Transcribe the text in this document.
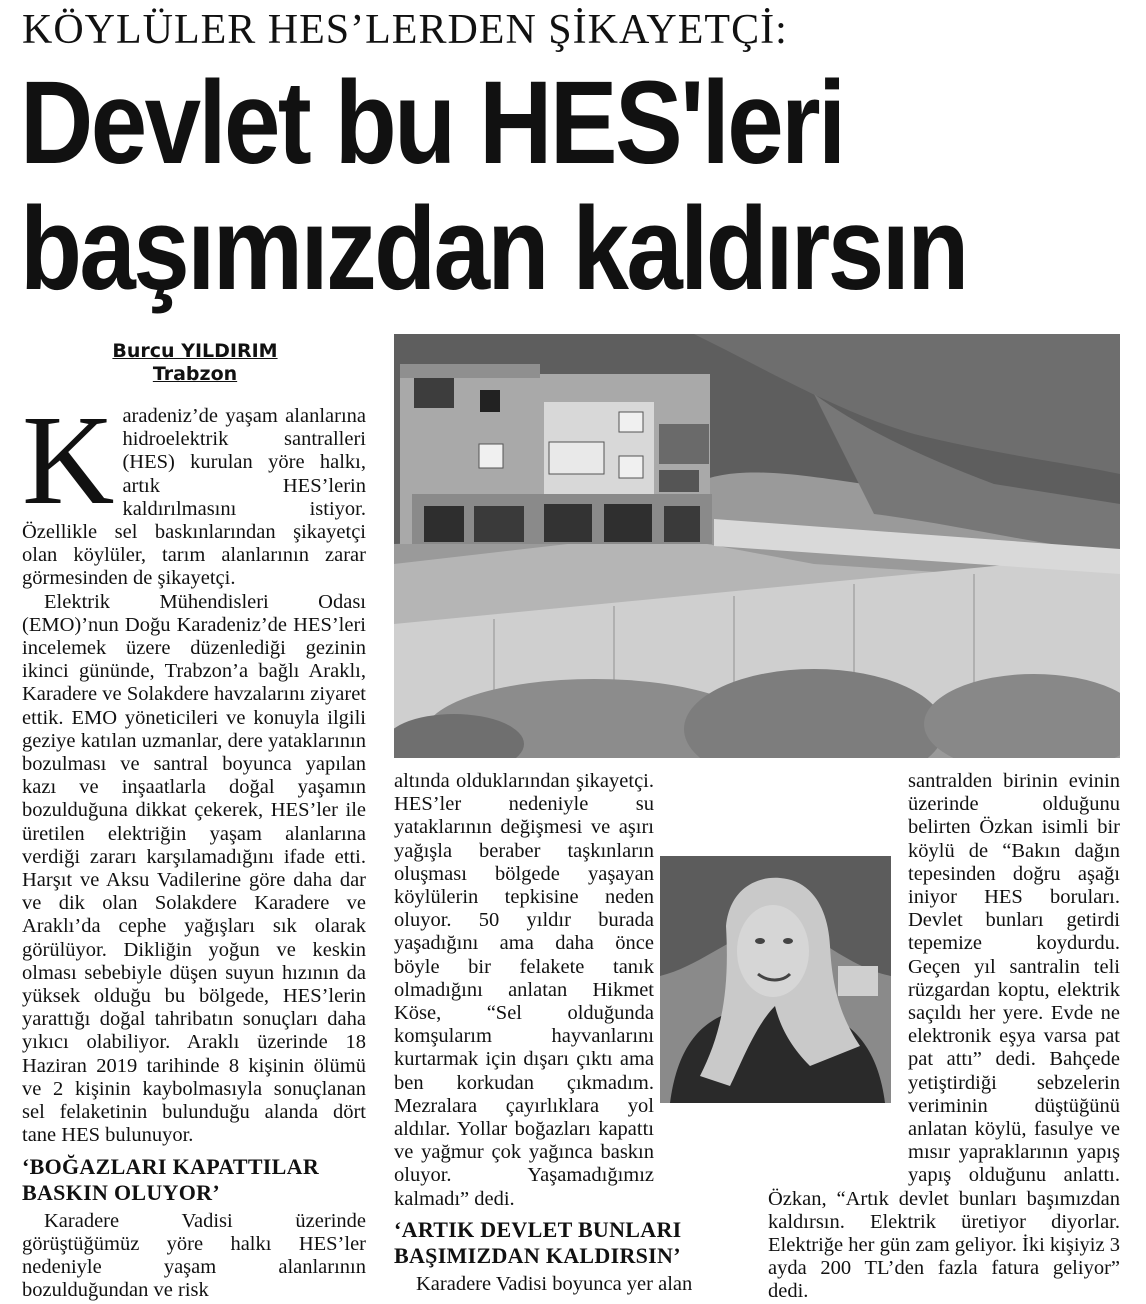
KÖYLÜLER HES’LERDEN ŞİKAYETÇİ:
Devlet bu HES'leri
başımızdan kaldırsın
Burcu YILDIRIM
Trabzon

Karadeniz’de yaşam alanlarına hidroelektrik santralleri (HES) kurulan yöre halkı, artık HES’lerin kaldırılmasını istiyor. Özellikle sel baskınlarından şikayetçi olan köylüler, tarım alanlarının zarar görmesinden de şikayetçi.

Elektrik Mühendisleri Odası (EMO)’nun Doğu Karadeniz’de HES’leri incelemek üzere düzenlediği gezinin ikinci gününde, Trabzon’a bağlı Araklı, Karadere ve Solakdere havzalarını ziyaret ettik. EMO yöneticileri ve konuyla ilgili geziye katılan uzmanlar, dere yataklarının bozulması ve santral boyunca yapılan kazı ve inşaatlarla doğal yaşamın bozulduğuna dikkat çekerek, HES’ler ile üretilen elektriğin yaşam alanlarına verdiği zararı karşılamadığını ifade etti. Harşıt ve Aksu Vadilerine göre daha dar ve dik olan Solakdere Karadere ve Araklı’da cephe yağışları sık olarak görülüyor. Dikliğin yoğun ve keskin olması sebebiyle düşen suyun hızının da yüksek olduğu bu bölgede, HES’lerin yarattığı doğal tahribatın sonuçları daha yıkıcı olabiliyor. Araklı üzerinde 18 Haziran 2019 tarihinde 8 kişinin ölümü ve 2 kişinin kaybolmasıyla sonuçlanan sel felaketinin bulunduğu alanda dört tane HES bulunuyor.

‘BOĞAZLARI KAPATTILAR BASKIN OLUYOR’

Karadere Vadisi üzerinde görüştüğümüz yöre halkı HES’ler nedeniyle yaşam alanlarının bozulduğundan ve risk

altında olduklarından şikayetçi. HES’ler nedeniyle su yataklarının değişmesi ve aşırı yağışla beraber taşkınların oluşması bölgede yaşayan köylülerin tepkisine neden oluyor. 50 yıldır burada yaşadığını ama daha önce böyle bir felakete tanık olmadığını anlatan Hikmet Köse, “Sel olduğunda komşularım hayvanlarını kurtarmak için dışarı çıktı ama ben korkudan çıkmadım. Mezralara çayırlıklara yol aldılar. Yollar boğazları kapattı ve yağmur çok yağınca baskın oluyor. Yaşamadığımız kalmadı” dedi.

‘ARTIK DEVLET BUNLARI BAŞIMIZDAN KALDIRSIN’

Karadere Vadisi boyunca yer alan

santralden birinin evinin üzerinde olduğunu belirten Özkan isimli bir köylü de “Bakın dağın tepesinden doğru aşağı iniyor HES boruları. Devlet bunları getirdi tepemize koydurdu. Geçen yıl santralin teli rüzgardan koptu, elektrik saçıldı her yere. Evde ne elektronik eşya varsa pat pat attı” dedi. Bahçede yetiştirdiği sebzelerin veriminin düştüğünü anlatan köylü, fasulye ve mısır yapraklarının yapış yapış olduğunu anlattı. Özkan, “Artık devlet bunları başımızdan kaldırsın. Elektrik üretiyor diyorlar. Elektriğe her gün zam geliyor. İki kişiyiz 3 ayda 200 TL’den fazla fatura geliyor” dedi.
